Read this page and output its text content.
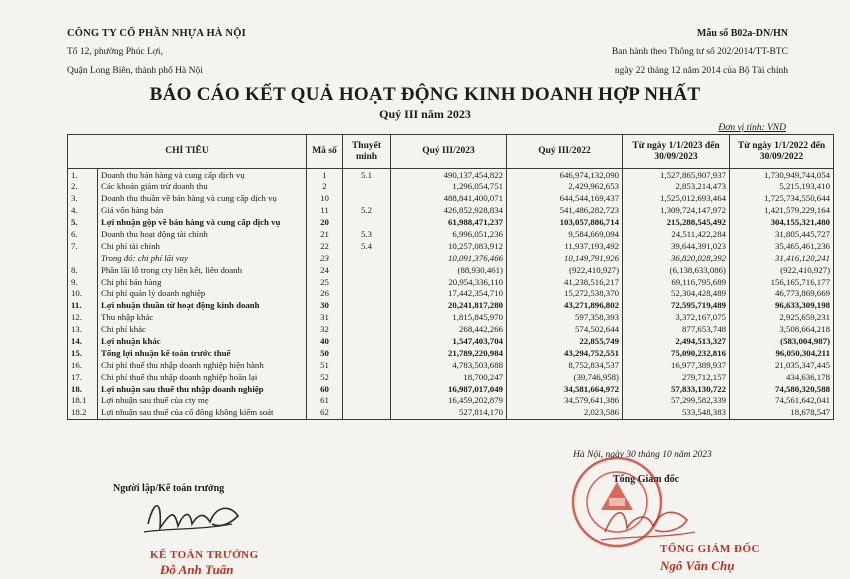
CÔNG TY CỔ PHẦN NHỰA HÀ NỘI
Tổ 12, phường Phúc Lợi,
Quận Long Biên, thành phố Hà Nội
Mẫu số B02a-DN/HN
Ban hành theo Thông tư số 202/2014/TT-BTC
ngày 22 tháng 12 năm 2014 của Bộ Tài chính
BÁO CÁO KẾT QUẢ HOẠT ĐỘNG KINH DOANH HỢP NHẤT
Quý III năm 2023
Đơn vị tính: VND
CHỈ TIÊU		Mã số	Thuyết minh	Quý III/2023	Quý III/2022	Từ ngày 1/1/2023 đến 30/09/2023	Từ ngày 1/1/2022 đến 30/09/2022
1.	Doanh thu bán hàng và cung cấp dịch vụ	1	5.1	490,137,454,822	646,974,132,090	1,527,865,907,937	1,730,949,744,054
2.	Các khoản giảm trừ doanh thu	2		1,296,054,751	2,429,962,653	2,853,214,473	5,215,193,410
3.	Doanh thu thuần về bán hàng và cung cấp dịch vụ	10		488,841,400,071	644,544,169,437	1,525,012,693,464	1,725,734,550,644
4.	Giá vốn hàng bán	11	5.2	426,852,928,834	541,486,282,723	1,309,724,147,972	1,421,579,229,164
5.	Lợi nhuận gộp về bán hàng và cung cấp dịch vụ	20		61,988,471,237	103,057,886,714	215,288,545,492	304,155,321,480
6.	Doanh thu hoạt động tài chính	21	5.3	6,996,051,236	9,584,669,094	24,511,422,284	31,805,445,727
7.	Chi phí tài chính	22	5.4	10,257,083,912	11,937,193,492	39,644,391,023	35,465,461,236
	Trong đó: chi phí lãi vay	23		10,091,376,466	10,149,791,926	36,820,028,392	31,416,120,241
8.	Phần lãi lỗ trong cty liên kết, liên doanh	24		(88,930,461)	(922,410,927)	(6,138,633,086)	(922,410,927)
9.	Chi phí bán hàng	25		20,954,336,110	41,238,516,217	69,116,795,689	156,165,716,177
10.	Chi phí quản lý doanh nghiệp	26		17,442,354,710	15,272,538,370	52,304,428,489	46,773,869,669
11.	Lợi nhuận thuần từ hoạt động kinh doanh	30		20,241,817,280	43,271,896,802	72,595,719,489	96,633,309,198
12.	Thu nhập khác	31		1,815,845,970	597,358,393	3,372,167,075	2,925,659,231
13.	Chi phí khác	32		268,442,266	574,502,644	877,653,748	3,508,664,218
14.	Lợi nhuận khác	40		1,547,403,704	22,855,749	2,494,513,327	(583,004,987)
15.	Tổng lợi nhuận kế toán trước thuế	50		21,789,220,984	43,294,752,551	75,090,232,816	96,050,304,211
16.	Chi phí thuế thu nhập doanh nghiệp hiện hành	51		4,783,503,688	8,752,834,537	16,977,389,937	21,035,347,445
17.	Chi phí thuế thu nhập doanh nghiệp hoãn lại	52		18,700,247	(39,746,958)	279,712,157	434,636,178
18.	Lợi nhuận sau thuế thu nhập doanh nghiệp	60		16,987,017,049	34,581,664,972	57,833,130,722	74,580,320,588
18.1	Lợi nhuận sau thuế của cty mẹ	61		16,459,202,879	34,579,641,386	57,299,582,339	74,561,642,041
18.2	Lợi nhuận sau thuế của cổ đông không kiểm soát	62		527,814,170	2,023,586	533,548,383	18,678,547
Hà Nội, ngày 30 tháng 10 năm 2023
Người lập/Kế toán trưởng
Tổng Giám đốc
KẾ TOÁN TRƯỞNG
Đỗ Anh Tuấn
TỔNG GIÁM ĐỐC
Ngô Văn Chụ
